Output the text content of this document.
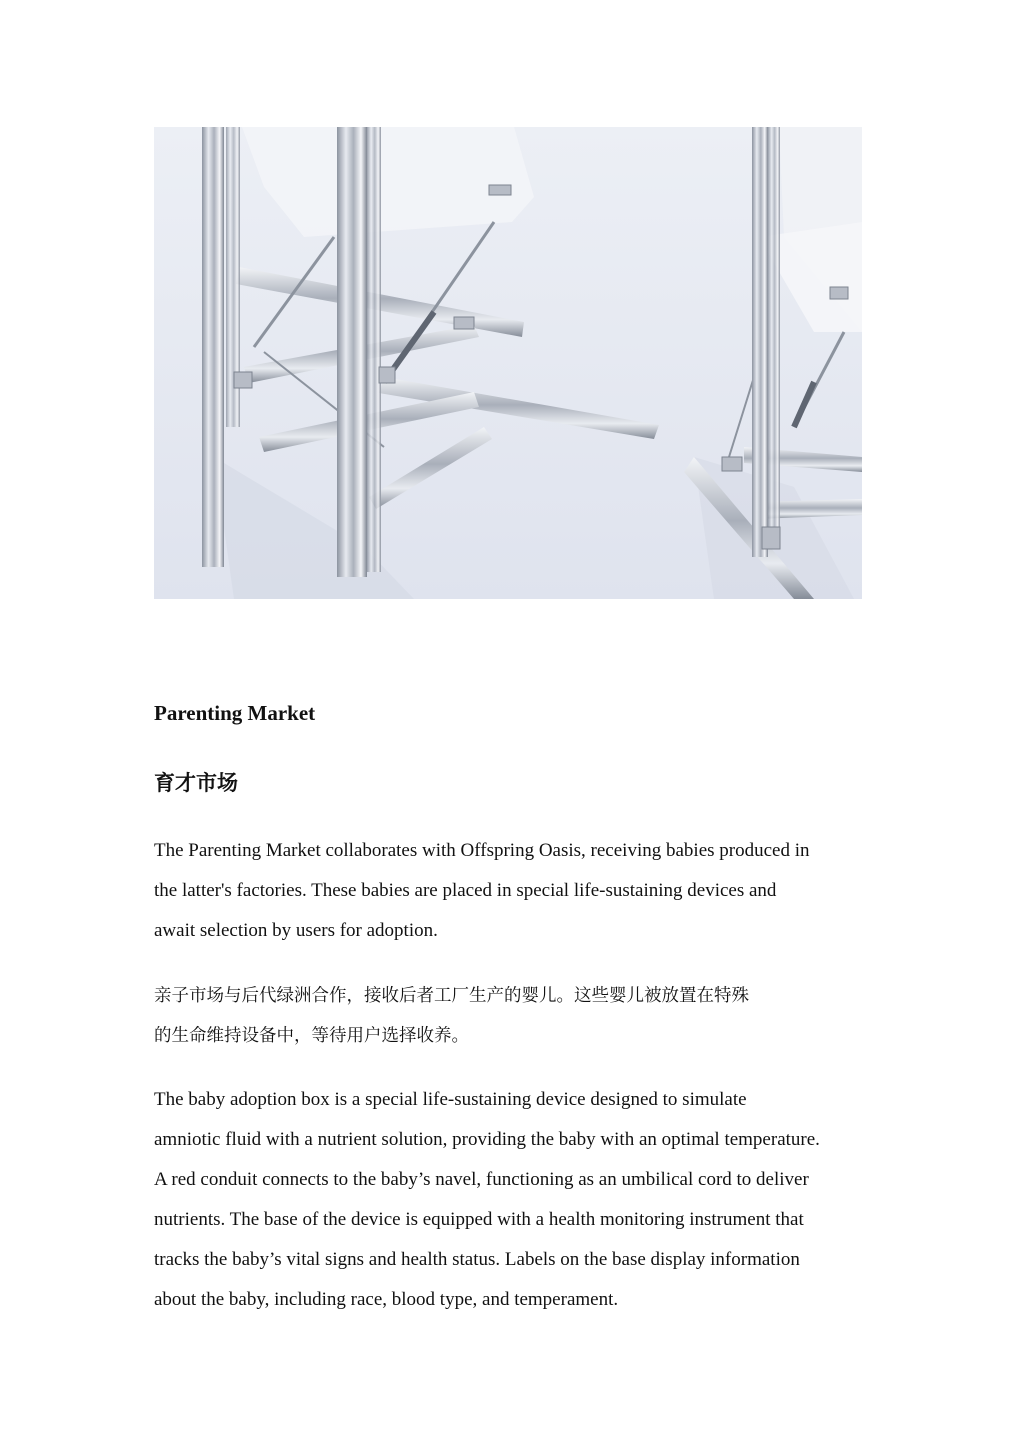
Parenting Market
育才市场

The Parenting Market collaborates with Offspring Oasis, receiving babies produced in
the latter's factories. These babies are placed in special life-sustaining devices and
await selection by users for adoption.

亲子市场与后代绿洲合作，接收后者工厂生产的婴儿。这些婴儿被放置在特殊
的生命维持设备中，等待用户选择收养。

The baby adoption box is a special life-sustaining device designed to simulate
amniotic fluid with a nutrient solution, providing the baby with an optimal temperature.
A red conduit connects to the baby’s navel, functioning as an umbilical cord to deliver
nutrients. The base of the device is equipped with a health monitoring instrument that
tracks the baby’s vital signs and health status. Labels on the base display information
about the baby, including race, blood type, and temperament.
